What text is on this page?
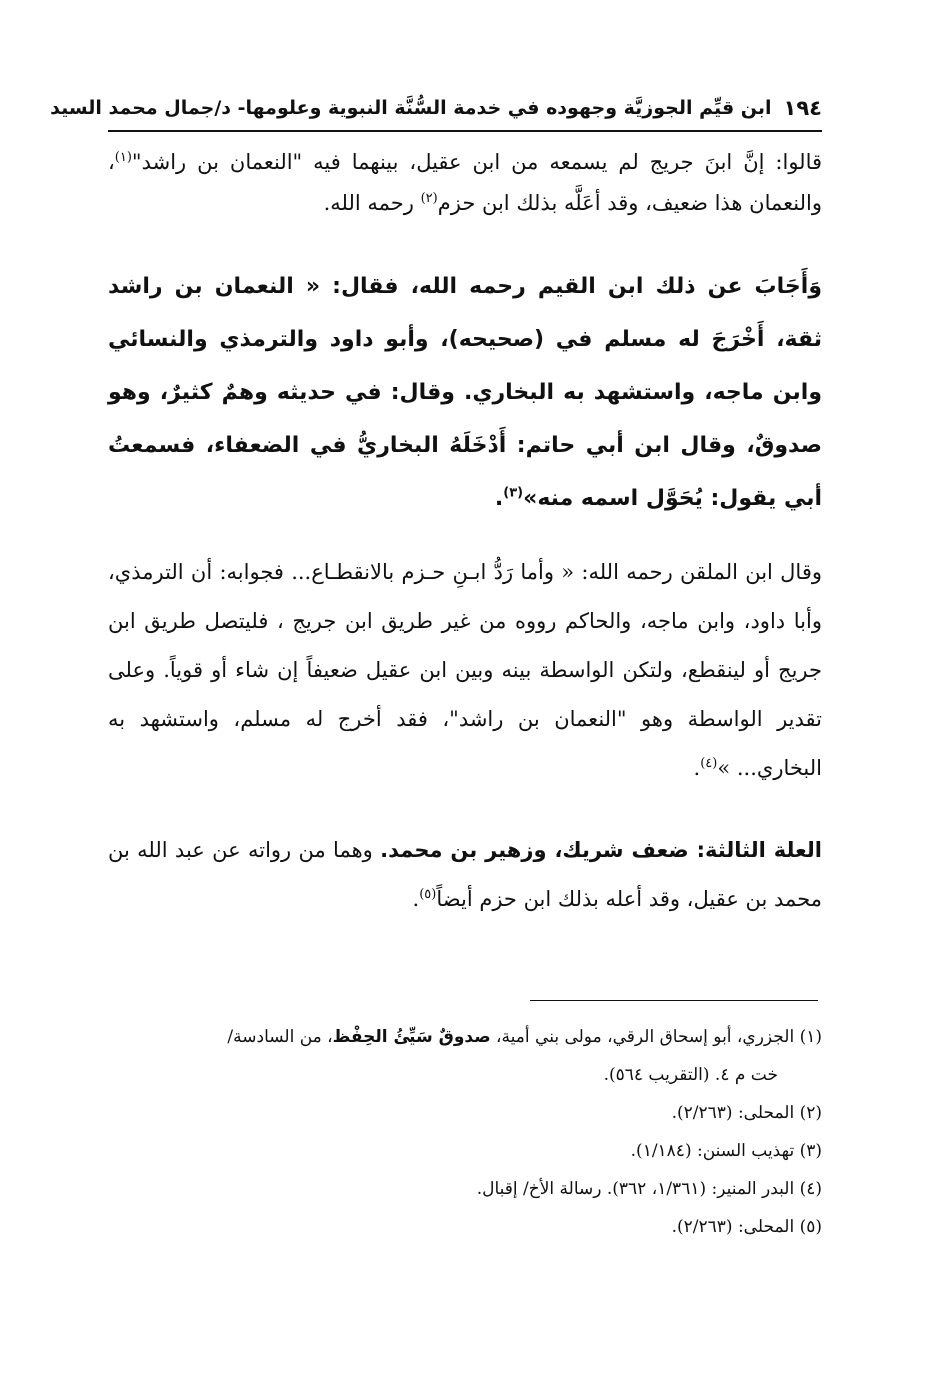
١٩٤
ابن قيِّم الجوزيَّة وجهوده في خدمة السُّنَّة النبوية وعلومها- د/جمال محمد السيد
قالوا: إنَّ ابنَ جريج لم يسمعه من ابن عقيل، بينهما فيه "النعمان بن راشد"$^{(١)}$، والنعمان هذا ضعيف، وقد أعَلَّه بذلك ابن حزم$^{(٢)}$ رحمه الله.
وَأَجَابَ عن ذلك ابن القيم رحمه الله، فقال: « النعمان بن راشد ثقة، أَخْرَجَ له مسلم في (صحيحه)، وأبو داود والترمذي والنسائي وابن ماجه، واستشهد به البخاري. وقال: في حديثه وهمٌ كثيرٌ، وهو صدوقٌ، وقال ابن أبي حاتم: أَدْخَلَهُ البخاريُّ في الضعفاء، فسمعتُ أبي يقول: يُحَوَّل اسمه منه»$^{(٣)}$.
وقال ابن الملقن رحمه الله: « وأما رَدُّ ابـنِ حـزم بالانقطـاع... فجوابه: أن الترمذي، وأبا داود، وابن ماجه، والحاكم رووه من غير طريق ابن جريج ، فليتصل طريق ابن جريج أو لينقطع، ولتكن الواسطة بينه وبين ابن عقيل ضعيفاً إن شاء أو قوياً. وعلى تقدير الواسطة وهو "النعمان بن راشد"، فقد أخرج له مسلم، واستشهد به البخاري... »$^{(٤)}$.
العلة الثالثة: ضعف شريك، وزهير بن محمد. وهما من رواته عن عبد الله بن محمد بن عقيل، وقد أعله بذلك ابن حزم أيضاً$^{(٥)}$.

(١) الجزري، أبو إسحاق الرقي، مولى بني أمية، صدوقٌ سَيِّئُ الحِفْظ، من السادسة/

خت م ٤. (التقريب ٥٦٤).

(٢) المحلى: (٢/٢٦٣).

(٣) تهذيب السنن: (١/١٨٤).

(٤) البدر المنير: (١/٣٦١، ٣٦٢). رسالة الأخ/ إقبال.

(٥) المحلى: (٢/٢٦٣).
